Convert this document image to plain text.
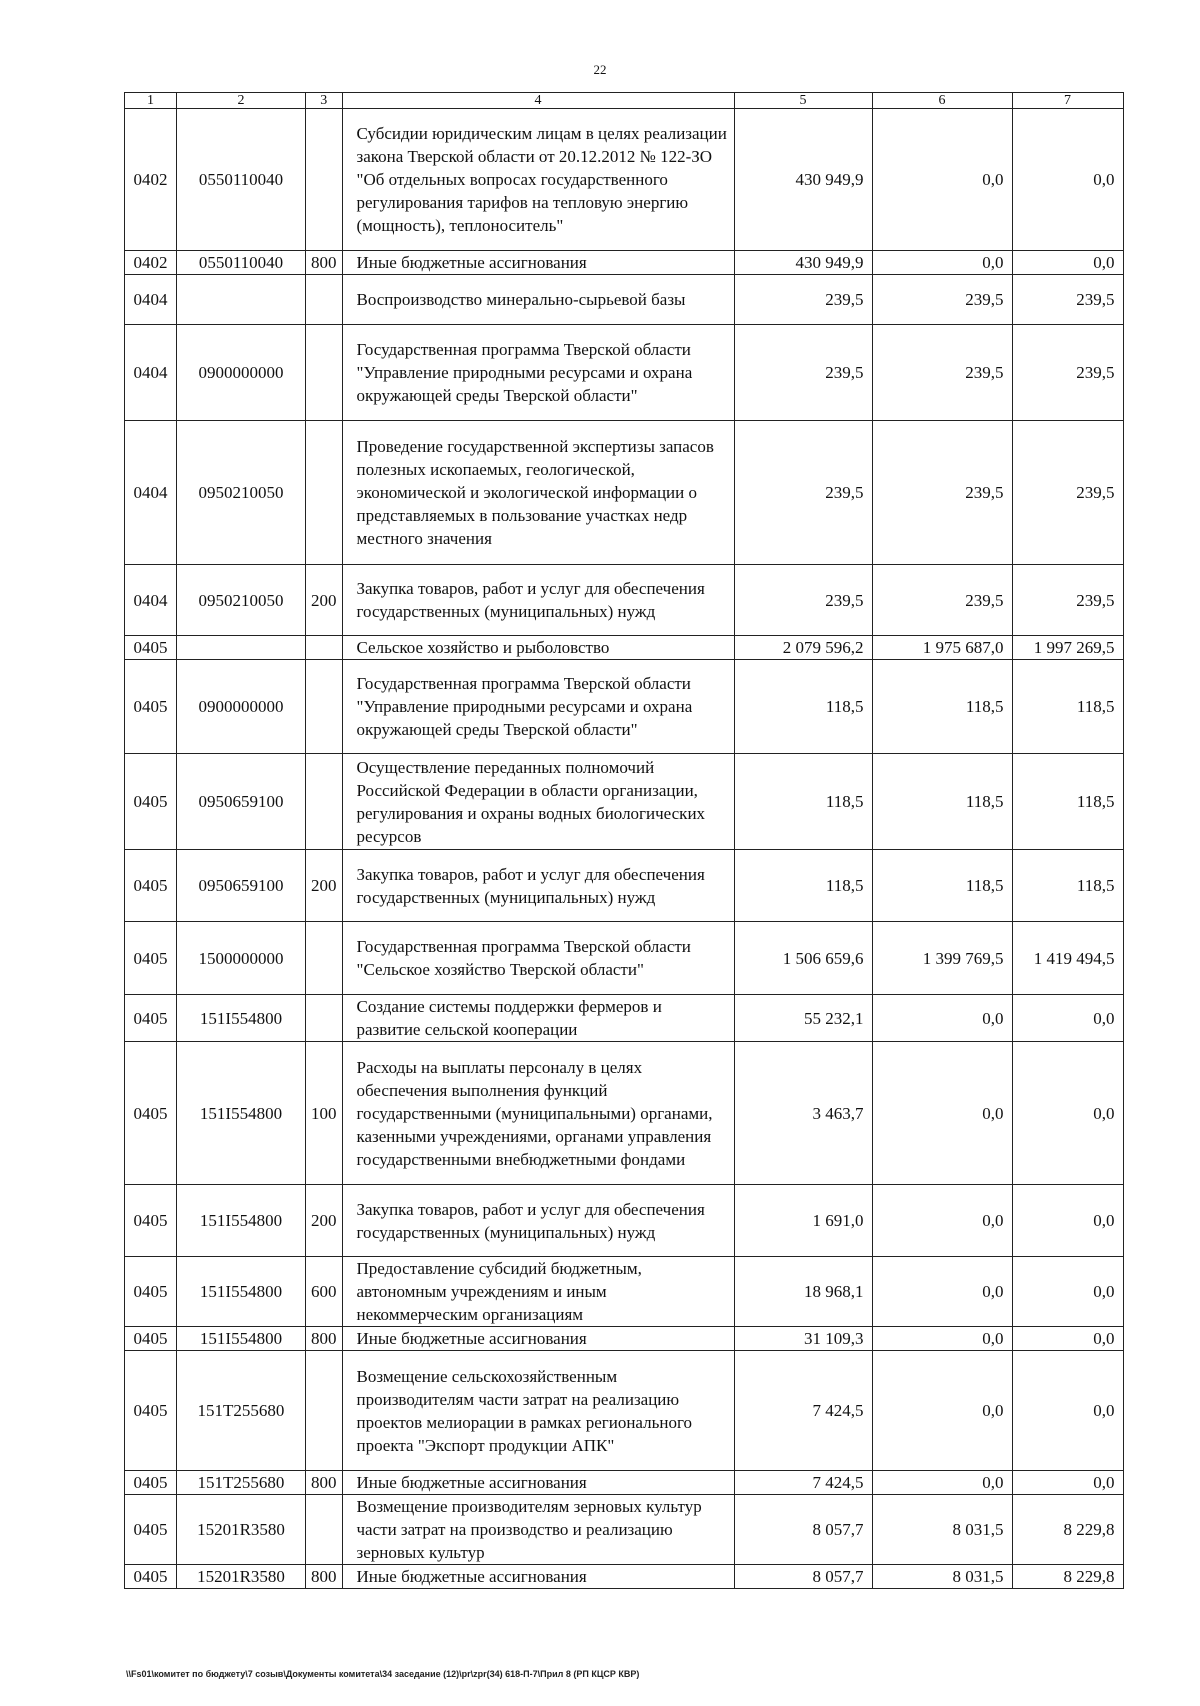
22
1	2	3	4	5	6	7
0402	0550110040		Субсидии юридическим лицам в целях реализации закона Тверской области от 20.12.2012 № 122-ЗО "Об отдельных вопросах государственного регулирования тарифов на тепловую энергию (мощность), теплоноситель"	430 949,9	0,0	0,0
0402	0550110040	800	Иные бюджетные ассигнования	430 949,9	0,0	0,0
0404			Воспроизводство минерально-сырьевой базы	239,5	239,5	239,5
0404	0900000000		Государственная программа Тверской области "Управление природными ресурсами и охрана окружающей среды Тверской области"	239,5	239,5	239,5
0404	0950210050		Проведение государственной экспертизы запасов полезных ископаемых, геологической, экономической и экологической информации о представляемых в пользование участках недр местного значения	239,5	239,5	239,5
0404	0950210050	200	Закупка товаров, работ и услуг для обеспечения государственных (муниципальных) нужд	239,5	239,5	239,5
0405			Сельское хозяйство и рыболовство	2 079 596,2	1 975 687,0	1 997 269,5
0405	0900000000		Государственная программа Тверской области "Управление природными ресурсами и охрана окружающей среды Тверской области"	118,5	118,5	118,5
0405	0950659100		Осуществление переданных полномочий Российской Федерации в области организации, регулирования и охраны водных биологических ресурсов	118,5	118,5	118,5
0405	0950659100	200	Закупка товаров, работ и услуг для обеспечения государственных (муниципальных) нужд	118,5	118,5	118,5
0405	1500000000		Государственная программа Тверской области "Сельское хозяйство Тверской области"	1 506 659,6	1 399 769,5	1 419 494,5
0405	151I554800		Создание системы поддержки фермеров и развитие сельской кооперации	55 232,1	0,0	0,0
0405	151I554800	100	Расходы на выплаты персоналу в целях обеспечения выполнения функций государственными (муниципальными) органами, казенными учреждениями, органами управления государственными внебюджетными фондами	3 463,7	0,0	0,0
0405	151I554800	200	Закупка товаров, работ и услуг для обеспечения государственных (муниципальных) нужд	1 691,0	0,0	0,0
0405	151I554800	600	Предоставление субсидий бюджетным, автономным учреждениям и иным некоммерческим организациям	18 968,1	0,0	0,0
0405	151I554800	800	Иные бюджетные ассигнования	31 109,3	0,0	0,0
0405	151T255680		Возмещение сельскохозяйственным производителям части затрат на реализацию проектов мелиорации в рамках регионального проекта "Экспорт продукции АПК"	7 424,5	0,0	0,0
0405	151T255680	800	Иные бюджетные ассигнования	7 424,5	0,0	0,0
0405	15201R3580		Возмещение производителям зерновых культур части затрат на производство и реализацию зерновых культур	8 057,7	8 031,5	8 229,8
0405	15201R3580	800	Иные бюджетные ассигнования	8 057,7	8 031,5	8 229,8
\\Fs01\комитет по бюджету\7 созыв\Документы комитета\34 заседание (12)\pr\zpr(34) 618-П-7\Прил 8 (РП КЦСР КВР)
